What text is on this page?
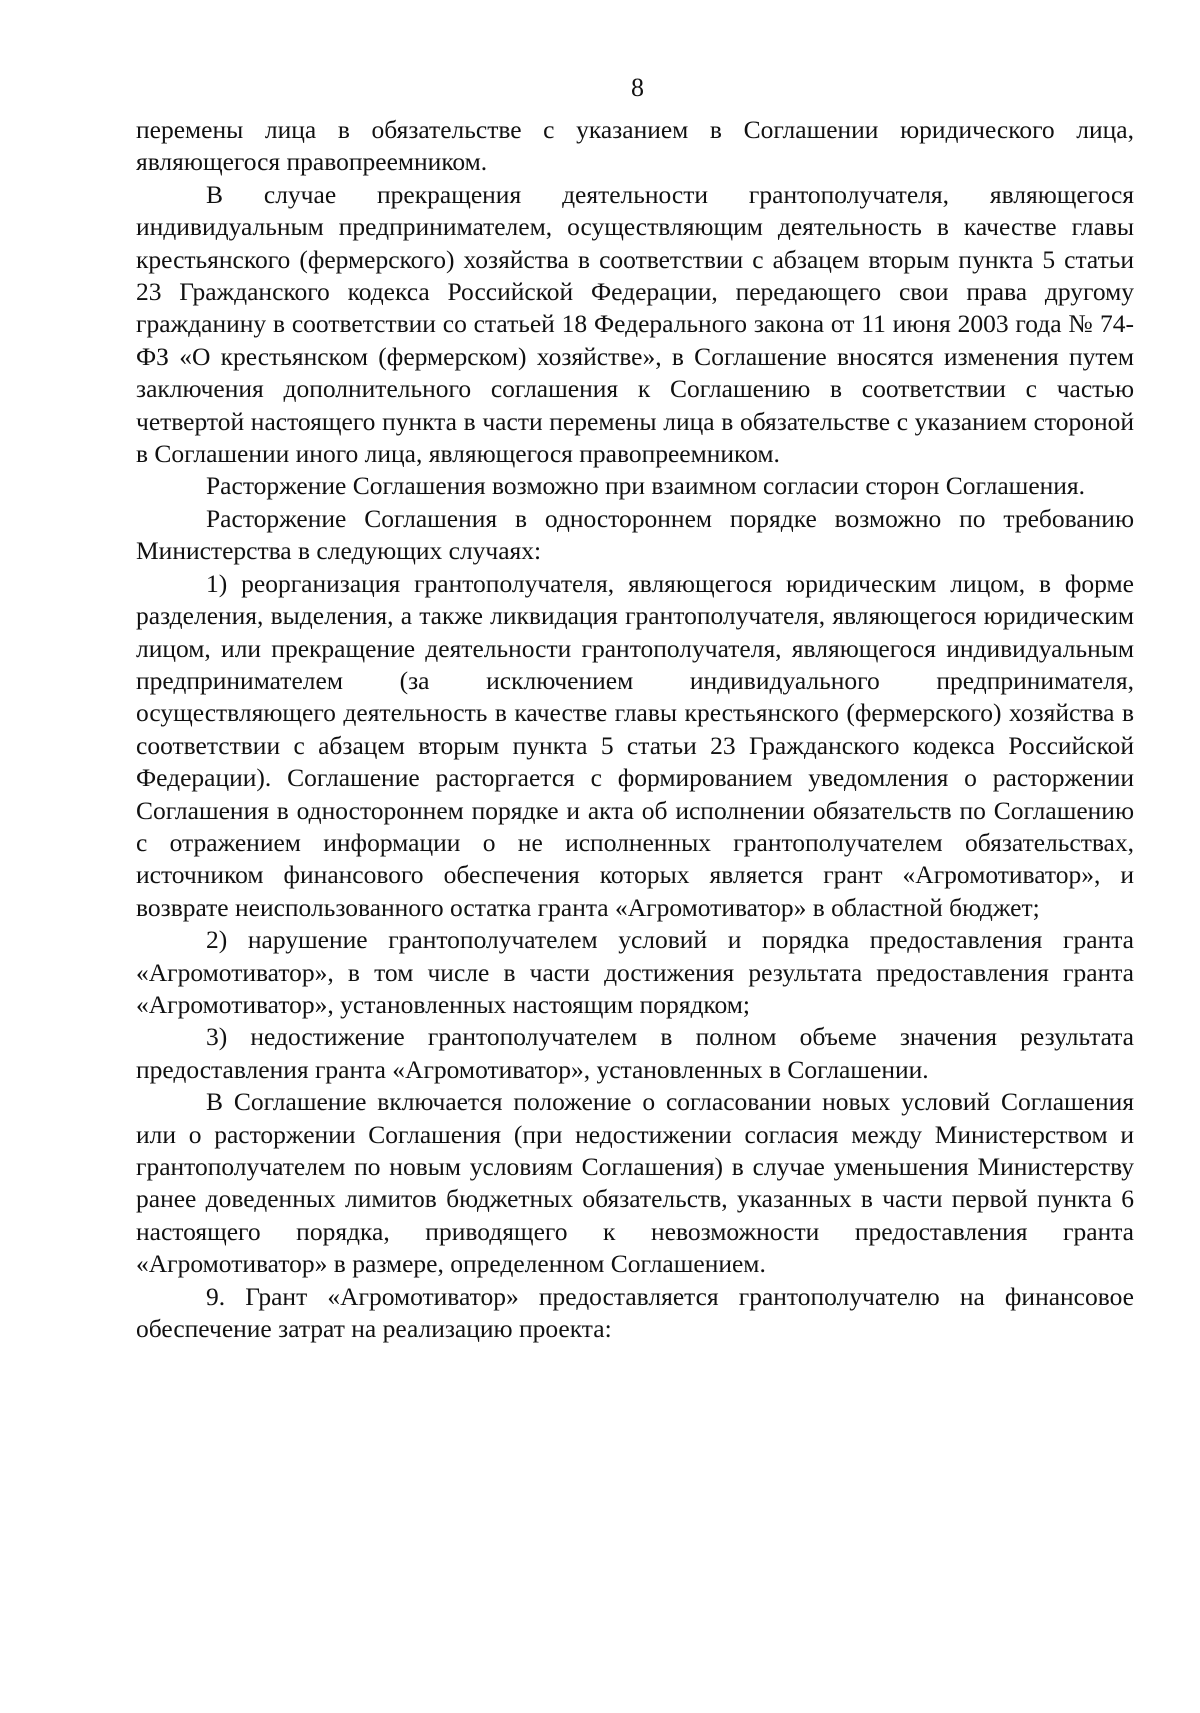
8

перемены лица в обязательстве с указанием в Соглашении юридического лица, являющегося правопреемником.

В случае прекращения деятельности грантополучателя, являющегося индивидуальным предпринимателем, осуществляющим деятельность в качестве главы крестьянского (фермерского) хозяйства в соответствии с абзацем вторым пункта 5 статьи 23 Гражданского кодекса Российской Федерации, передающего свои права другому гражданину в соответствии со статьей 18 Федерального закона от 11 июня 2003 года № 74-ФЗ «О крестьянском (фермерском) хозяйстве», в Соглашение вносятся изменения путем заключения дополнительного соглашения к Соглашению в соответствии с частью четвертой настоящего пункта в части перемены лица в обязательстве с указанием стороной в Соглашении иного лица, являющегося правопреемником.

Расторжение Соглашения возможно при взаимном согласии сторон Соглашения.

Расторжение Соглашения в одностороннем порядке возможно по требованию Министерства в следующих случаях:

1) реорганизация грантополучателя, являющегося юридическим лицом, в форме разделения, выделения, а также ликвидация грантополучателя, являющегося юридическим лицом, или прекращение деятельности грантополучателя, являющегося индивидуальным предпринимателем (за исключением индивидуального предпринимателя, осуществляющего деятельность в качестве главы крестьянского (фермерского) хозяйства в соответствии с абзацем вторым пункта 5 статьи 23 Гражданского кодекса Российской Федерации). Соглашение расторгается с формированием уведомления о расторжении Соглашения в одностороннем порядке и акта об исполнении обязательств по Соглашению с отражением информации о не исполненных грантополучателем обязательствах, источником финансового обеспечения которых является грант «Агромотиватор», и возврате неиспользованного остатка гранта «Агромотиватор» в областной бюджет;

2) нарушение грантополучателем условий и порядка предоставления гранта «Агромотиватор», в том числе в части достижения результата предоставления гранта «Агромотиватор», установленных настоящим порядком;

3) недостижение грантополучателем в полном объеме значения результата предоставления гранта «Агромотиватор», установленных в Соглашении.

В Соглашение включается положение о согласовании новых условий Соглашения или о расторжении Соглашения (при недостижении согласия между Министерством и грантополучателем по новым условиям Соглашения) в случае уменьшения Министерству ранее доведенных лимитов бюджетных обязательств, указанных в части первой пункта 6 настоящего порядка, приводящего к невозможности предоставления гранта «Агромотиватор» в размере, определенном Соглашением.

9. Грант «Агромотиватор» предоставляется грантополучателю на финансовое обеспечение затрат на реализацию проекта:
